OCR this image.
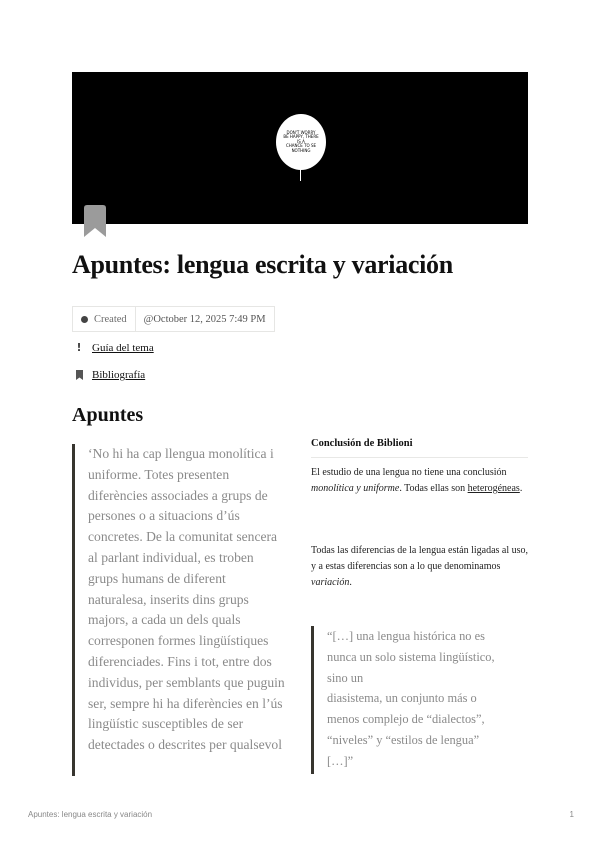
DON'T WORRY
BE HAPPY, THERE IS A
CHANCE TO SE
NOTHING
Apuntes: lengua escrita y variación
Created	@October 12, 2025 7:49 PM
! Guía del tema
Bibliografía
Apuntes
‘No hi ha cap llengua monolítica i
uniforme. Totes presenten
diferències associades a grups de
persones o a situacions d’ús
concretes. De la comunitat sencera
al parlant individual, es troben
grups humans de diferent
naturalesa, inserits dins grups
majors, a cada un dels quals
corresponen formes lingüístiques
diferenciades. Fins i tot, entre dos
individus, per semblants que puguin
ser, sempre hi ha diferències en l’ús
lingüístic susceptibles de ser
detectades o descrites per qualsevol
Conclusión de Biblioni
El estudio de una lengua no tiene una conclusión monolítica y uniforme. Todas ellas son heterogéneas.
Todas las diferencias de la lengua están ligadas al uso, y a estas diferencias son a lo que denominamos variación.
“[…] una lengua histórica no es
nunca un solo sistema lingüístico,
sino un
diasistema, un conjunto más o
menos complejo de “dialectos”,
“niveles” y “estilos de lengua”
[…]”
Apuntes: lengua escrita y variación	1
